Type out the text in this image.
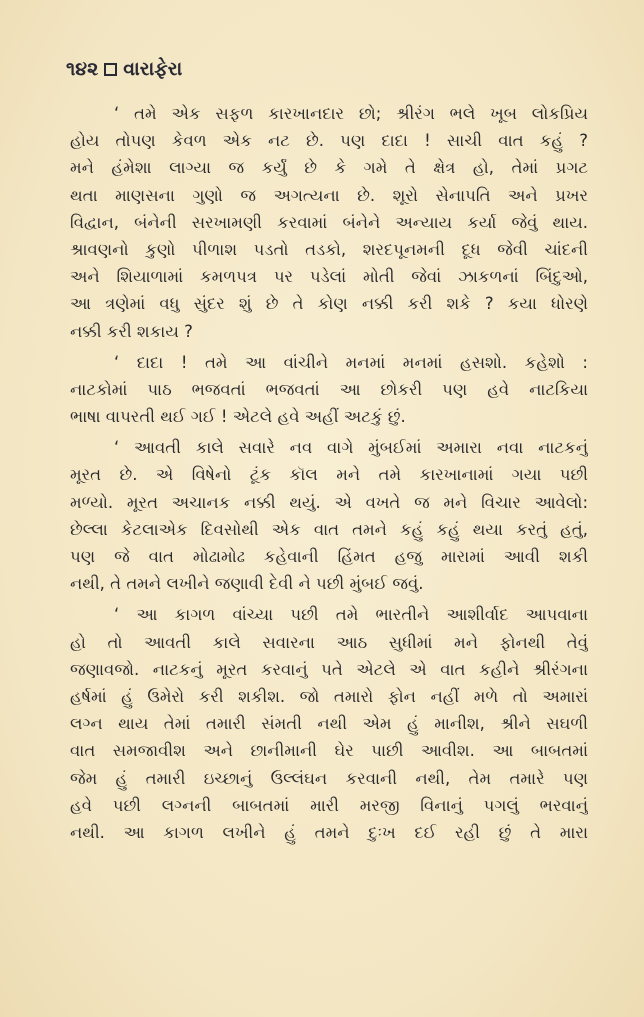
૧૪૨ વારાફેરા
‘ તમે એક સફળ કારખાનદાર છો; શ્રીરંગ ભલે ખૂબ લોકપ્રિય
હોય તોપણ કેવળ એક નટ છે. પણ દાદા ! સાચી વાત કહું ?
મને હંમેશા લાગ્યા જ કર્યું છે કે ગમે તે ક્ષેત્ર હો, તેમાં પ્રગટ
થતા માણસના ગુણો જ અગત્યના છે. શૂરો સેનાપતિ અને પ્રખર
વિદ્વાન, બંનેની સરખામણી કરવામાં બંનેને અન્યાય કર્યા જેવું થાય.
શ્રાવણનો કુણો પીળાશ પડતો તડકો, શરદપૂનમની દૂધ જેવી ચાંદની
અને શિયાળામાં કમળપત્ર પર પડેલાં મોતી જેવાં ઝાકળનાં બિંદુઓ,
આ ત્રણેમાં વધુ સુંદર શું છે તે કોણ નક્કી કરી શકે ? કયા ધોરણે
નક્કી કરી શકાય ?
‘ દાદા ! તમે આ વાંચીને મનમાં મનમાં હસશો. કહેશો :
નાટકોમાં પાઠ ભજવતાં ભજવતાં આ છોકરી પણ હવે નાટકિયા
ભાષા વાપરતી થઈ ગઈ ! એટલે હવે અહીં અટકું છું.
‘ આવતી કાલે સવારે નવ વાગે મુંબઈમાં અમારા નવા નાટકનું
મૂરત છે. એ વિષેનો ટૂંક કૉલ મને તમે કારખાનામાં ગયા પછી
મળ્યો. મૂરત અચાનક નક્કી થયું. એ વખતે જ મને વિચાર આવેલો:
છેલ્લા કેટલાએક દિવસોથી એક વાત તમને કહું કહું થયા કરતું હતું,
પણ જે વાત મોઢામોઢ કહેવાની હિંમત હજુ મારામાં આવી શકી
નથી, તે તમને લખીને જણાવી દેવી ને પછી મુંબઈ જવું.
‘ આ કાગળ વાંચ્યા પછી તમે ભારતીને આશીર્વાદ આપવાના
હો તો આવતી કાલે સવારના આઠ સુધીમાં મને ફોનથી તેવું
જણાવજો. નાટકનું મૂરત કરવાનું પતે એટલે એ વાત કહીને શ્રીરંગના
હર્ષમાં હું ઉમેરો કરી શકીશ. જો તમારો ફોન નહીં મળે તો અમારાં
લગ્ન થાય તેમાં તમારી સંમતી નથી એમ હું માનીશ, શ્રીને સઘળી
વાત સમજાવીશ અને છાનીમાની ઘેર પાછી આવીશ. આ બાબતમાં
જેમ હું તમારી ઇચ્છાનું ઉલ્લંઘન કરવાની નથી, તેમ તમારે પણ
હવે પછી લગ્નની બાબતમાં મારી મરજી વિનાનું પગલું ભરવાનું
નથી. આ કાગળ લખીને હું તમને દુઃખ દઈ રહી છું તે મારા
